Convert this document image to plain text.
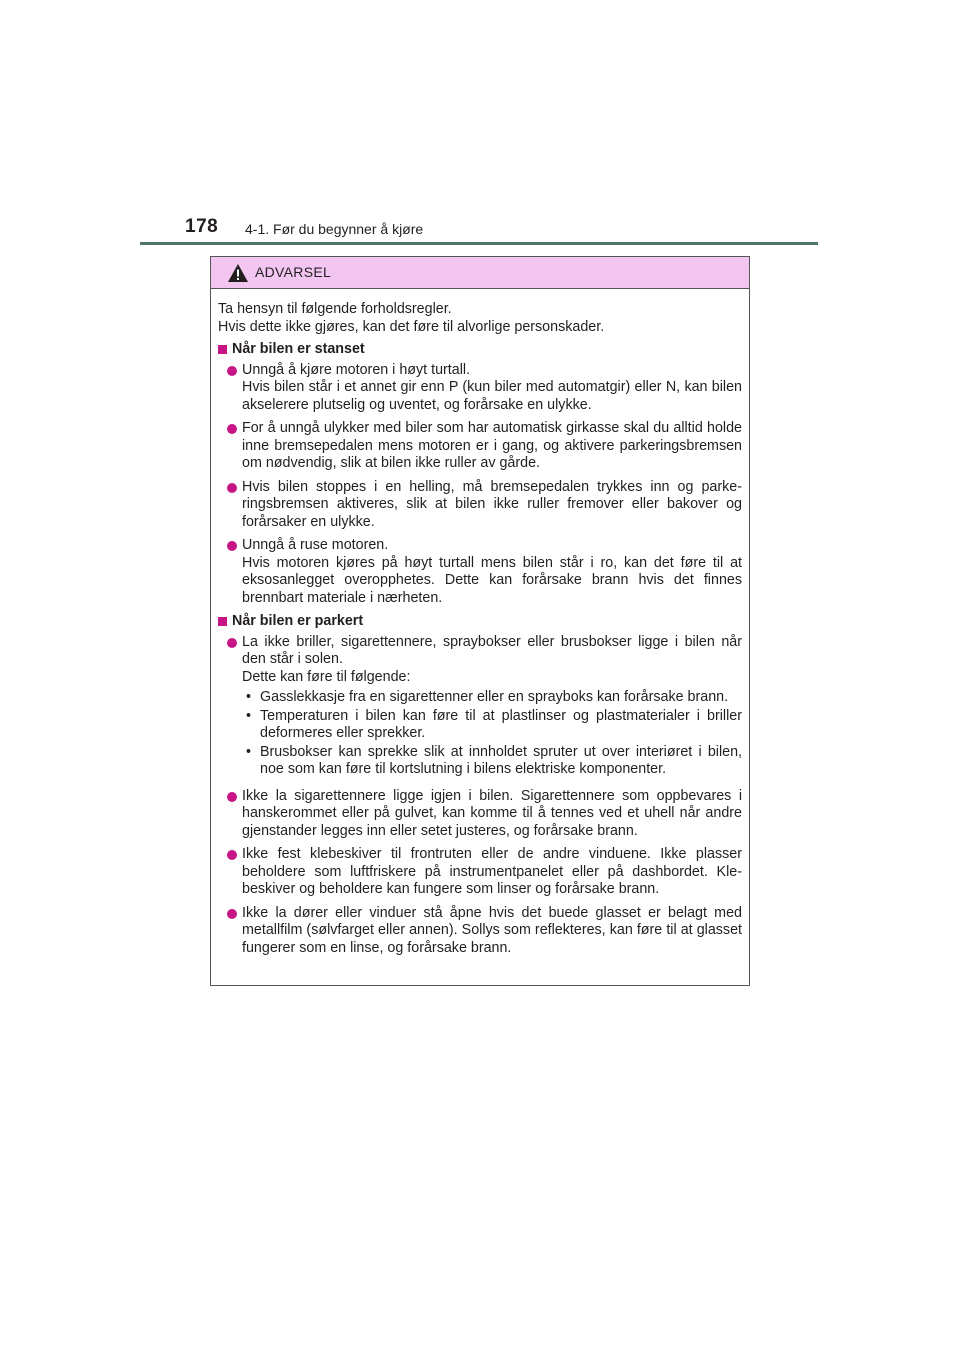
178 4-1. Før du begynner å kjøre
ADVARSEL

Ta hensyn til følgende forholdsregler.
Hvis dette ikke gjøres, kan det føre til alvorlige personskader.

Når bilen er stanset
Unngå å kjøre motoren i høyt turtall.
Hvis bilen står i et annet gir enn P (kun biler med automatgir) eller N, kan bilen akselerere plutselig og uventet, og forårsake en ulykke.
For å unngå ulykker med biler som har automatisk girkasse skal du alltid holde inne bremsepedalen mens motoren er i gang, og aktivere parkeringsbremsen om nødvendig, slik at bilen ikke ruller av gårde.
Hvis bilen stoppes i en helling, må bremsepedalen trykkes inn og parkeringsbremsen aktiveres, slik at bilen ikke ruller fremover eller bakover og forårsaker en ulykke.
Unngå å ruse motoren.
Hvis motoren kjøres på høyt turtall mens bilen står i ro, kan det føre til at eksosanlegget overopphetes. Dette kan forårsake brann hvis det finnes brennbart materiale i nærheten.
Når bilen er parkert
La ikke briller, sigarettennere, spraybokser eller brusbokser ligge i bilen når den står i solen.
Dette kan føre til følgende:
• Gasslekkasje fra en sigarettenner eller en sprayboks kan forårsake brann.
• Temperaturen i bilen kan føre til at plastlinser og plastmaterialer i briller deformeres eller sprekker.
• Brusbokser kan sprekke slik at innholdet spruter ut over interiøret i bilen, noe som kan føre til kortslutning i bilens elektriske komponenter.
Ikke la sigarettennere ligge igjen i bilen. Sigarettennere som oppbevares i hanskerommet eller på gulvet, kan komme til å tennes ved et uhell når andre gjenstander legges inn eller setet justeres, og forårsake brann.
Ikke fest klebeskiver til frontruten eller de andre vinduene. Ikke plasser beholdere som luftfriskere på instrumentpanelet eller på dashbordet. Klebeskiver og beholdere kan fungere som linser og forårsake brann.
Ikke la dører eller vinduer stå åpne hvis det buede glasset er belagt med metallfilm (sølvfarget eller annen). Sollys som reflekteres, kan føre til at glasset fungerer som en linse, og forårsake brann.
